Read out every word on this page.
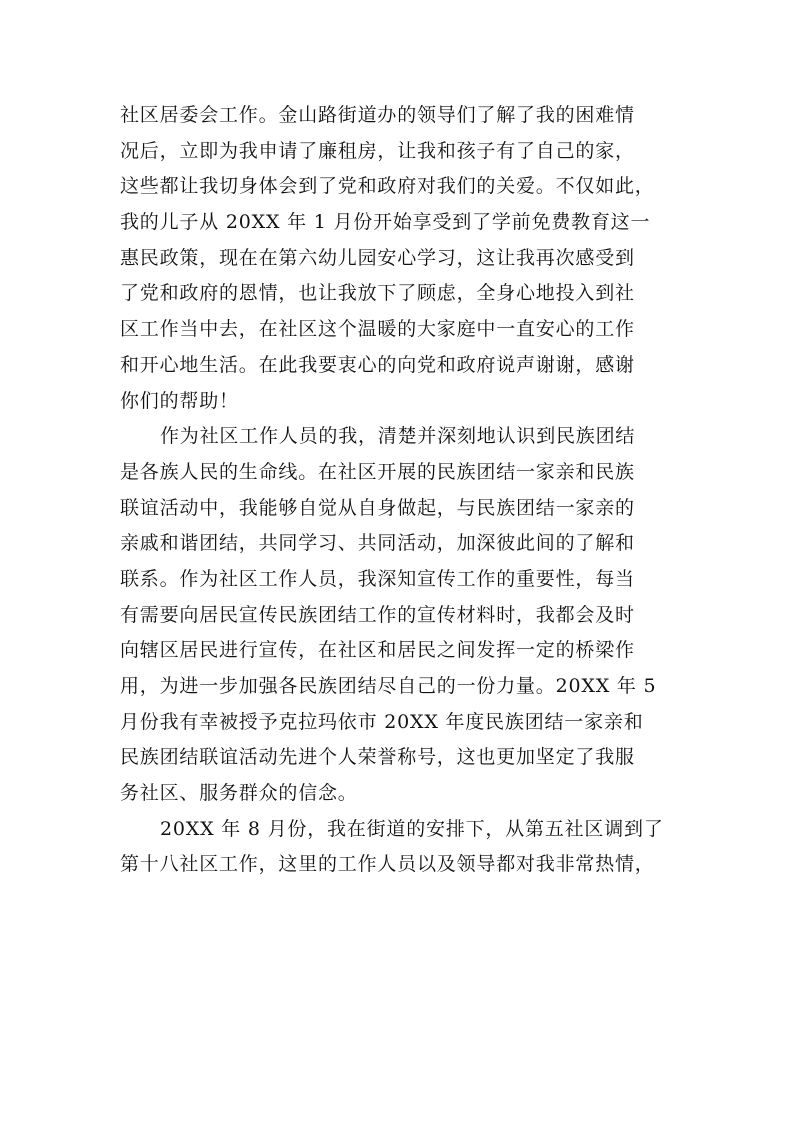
社区居委会工作。金山路街道办的领导们了解了我的困难情
况后，立即为我申请了廉租房，让我和孩子有了自己的家，
这些都让我切身体会到了党和政府对我们的关爱。不仅如此，
我的儿子从 20XX 年 1 月份开始享受到了学前免费教育这一
惠民政策，现在在第六幼儿园安心学习，这让我再次感受到
了党和政府的恩情，也让我放下了顾虑，全身心地投入到社
区工作当中去，在社区这个温暖的大家庭中一直安心的工作
和开心地生活。在此我要衷心的向党和政府说声谢谢，感谢
你们的帮助！
作为社区工作人员的我，清楚并深刻地认识到民族团结
是各族人民的生命线。在社区开展的民族团结一家亲和民族
联谊活动中，我能够自觉从自身做起，与民族团结一家亲的
亲戚和谐团结，共同学习、共同活动，加深彼此间的了解和
联系。作为社区工作人员，我深知宣传工作的重要性，每当
有需要向居民宣传民族团结工作的宣传材料时，我都会及时
向辖区居民进行宣传，在社区和居民之间发挥一定的桥梁作
用，为进一步加强各民族团结尽自己的一份力量。20XX 年 5
月份我有幸被授予克拉玛依市 20XX 年度民族团结一家亲和
民族团结联谊活动先进个人荣誉称号，这也更加坚定了我服
务社区、服务群众的信念。
20XX 年 8 月份，我在街道的安排下，从第五社区调到了
第十八社区工作，这里的工作人员以及领导都对我非常热情，
